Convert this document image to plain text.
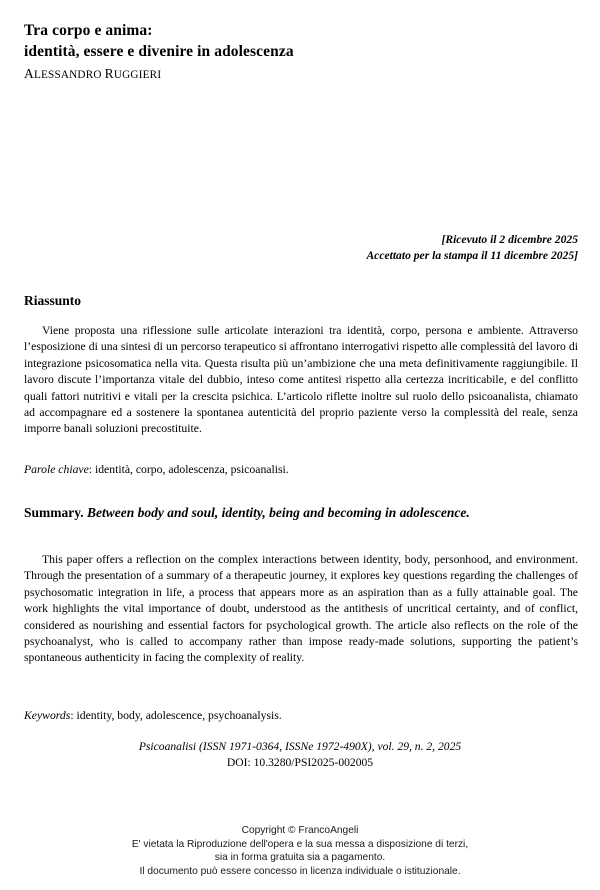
Tra corpo e anima:
identità, essere e divenire in adolescenza
ALESSANDRO RUGGIERI
[Ricevuto il 2 dicembre 2025
Accettato per la stampa il 11 dicembre 2025]
Riassunto
Viene proposta una riflessione sulle articolate interazioni tra identità, corpo, persona e ambiente. Attraverso l’esposizione di una sintesi di un percorso terapeutico si affrontano interrogativi rispetto alle complessità del lavoro di integrazione psicosomatica nella vita. Questa risulta più un’ambizione che una meta definitivamente raggiungibile. Il lavoro discute l’importanza vitale del dubbio, inteso come antitesi rispetto alla certezza incriticabile, e del conflitto quali fattori nutritivi e vitali per la crescita psichica. L’articolo riflette inoltre sul ruolo dello psicoanalista, chiamato ad accompagnare ed a sostenere la spontanea autenticità del proprio paziente verso la complessità del reale, senza imporre banali soluzioni precostituite.
Parole chiave: identità, corpo, adolescenza, psicoanalisi.
Summary. Between body and soul, identity, being and becoming in adolescence.
This paper offers a reflection on the complex interactions between identity, body, personhood, and environment. Through the presentation of a summary of a therapeutic journey, it explores key questions regarding the challenges of psychosomatic integration in life, a process that appears more as an aspiration than as a fully attainable goal. The work highlights the vital importance of doubt, understood as the antithesis of uncritical certainty, and of conflict, considered as nourishing and essential factors for psychological growth. The article also reflects on the role of the psychoanalyst, who is called to accompany rather than impose ready-made solutions, supporting the patient’s spontaneous authenticity in facing the complexity of reality.
Keywords: identity, body, adolescence, psychoanalysis.
Psicoanalisi (ISSN 1971-0364, ISSNe 1972-490X), vol. 29, n. 2, 2025
DOI: 10.3280/PSI2025-002005
Copyright © FrancoAngeli
E' vietata la Riproduzione dell'opera e la sua messa a disposizione di terzi,
sia in forma gratuita sia a pagamento.
Il documento può essere concesso in licenza individuale o istituzionale.
